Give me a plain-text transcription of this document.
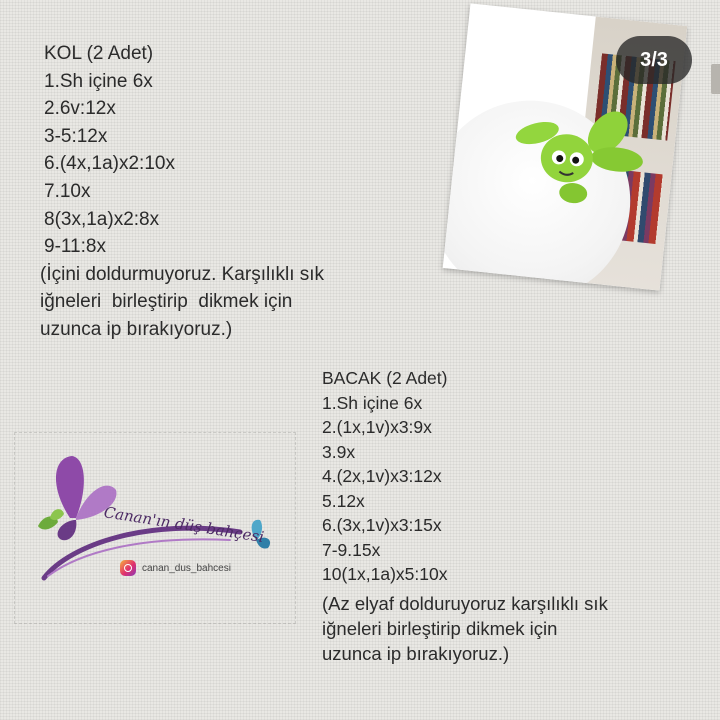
KOL (2 Adet)
1.Sh içine 6x
2.6v:12x
3-5:12x
6.(4x,1a)x2:10x
7.10x
8(3x,1a)x2:8x
9-11:8x
(İçini doldurmuyoruz. Karşılıklı sık
iğneleri  birleştirip  dikmek için
uzunca ip bırakıyoruz.)
3/3
BACAK (2 Adet)
1.Sh içine 6x
2.(1x,1v)x3:9x
3.9x
4.(2x,1v)x3:12x
5.12x
6.(3x,1v)x3:15x
7-9.15x
10(1x,1a)x5:10x
(Az elyaf dolduruyoruz karşılıklı sık
iğneleri birleştirip dikmek için
uzunca ip bırakıyoruz.)
Canan'ın düş bahçesi
canan_dus_bahcesi
